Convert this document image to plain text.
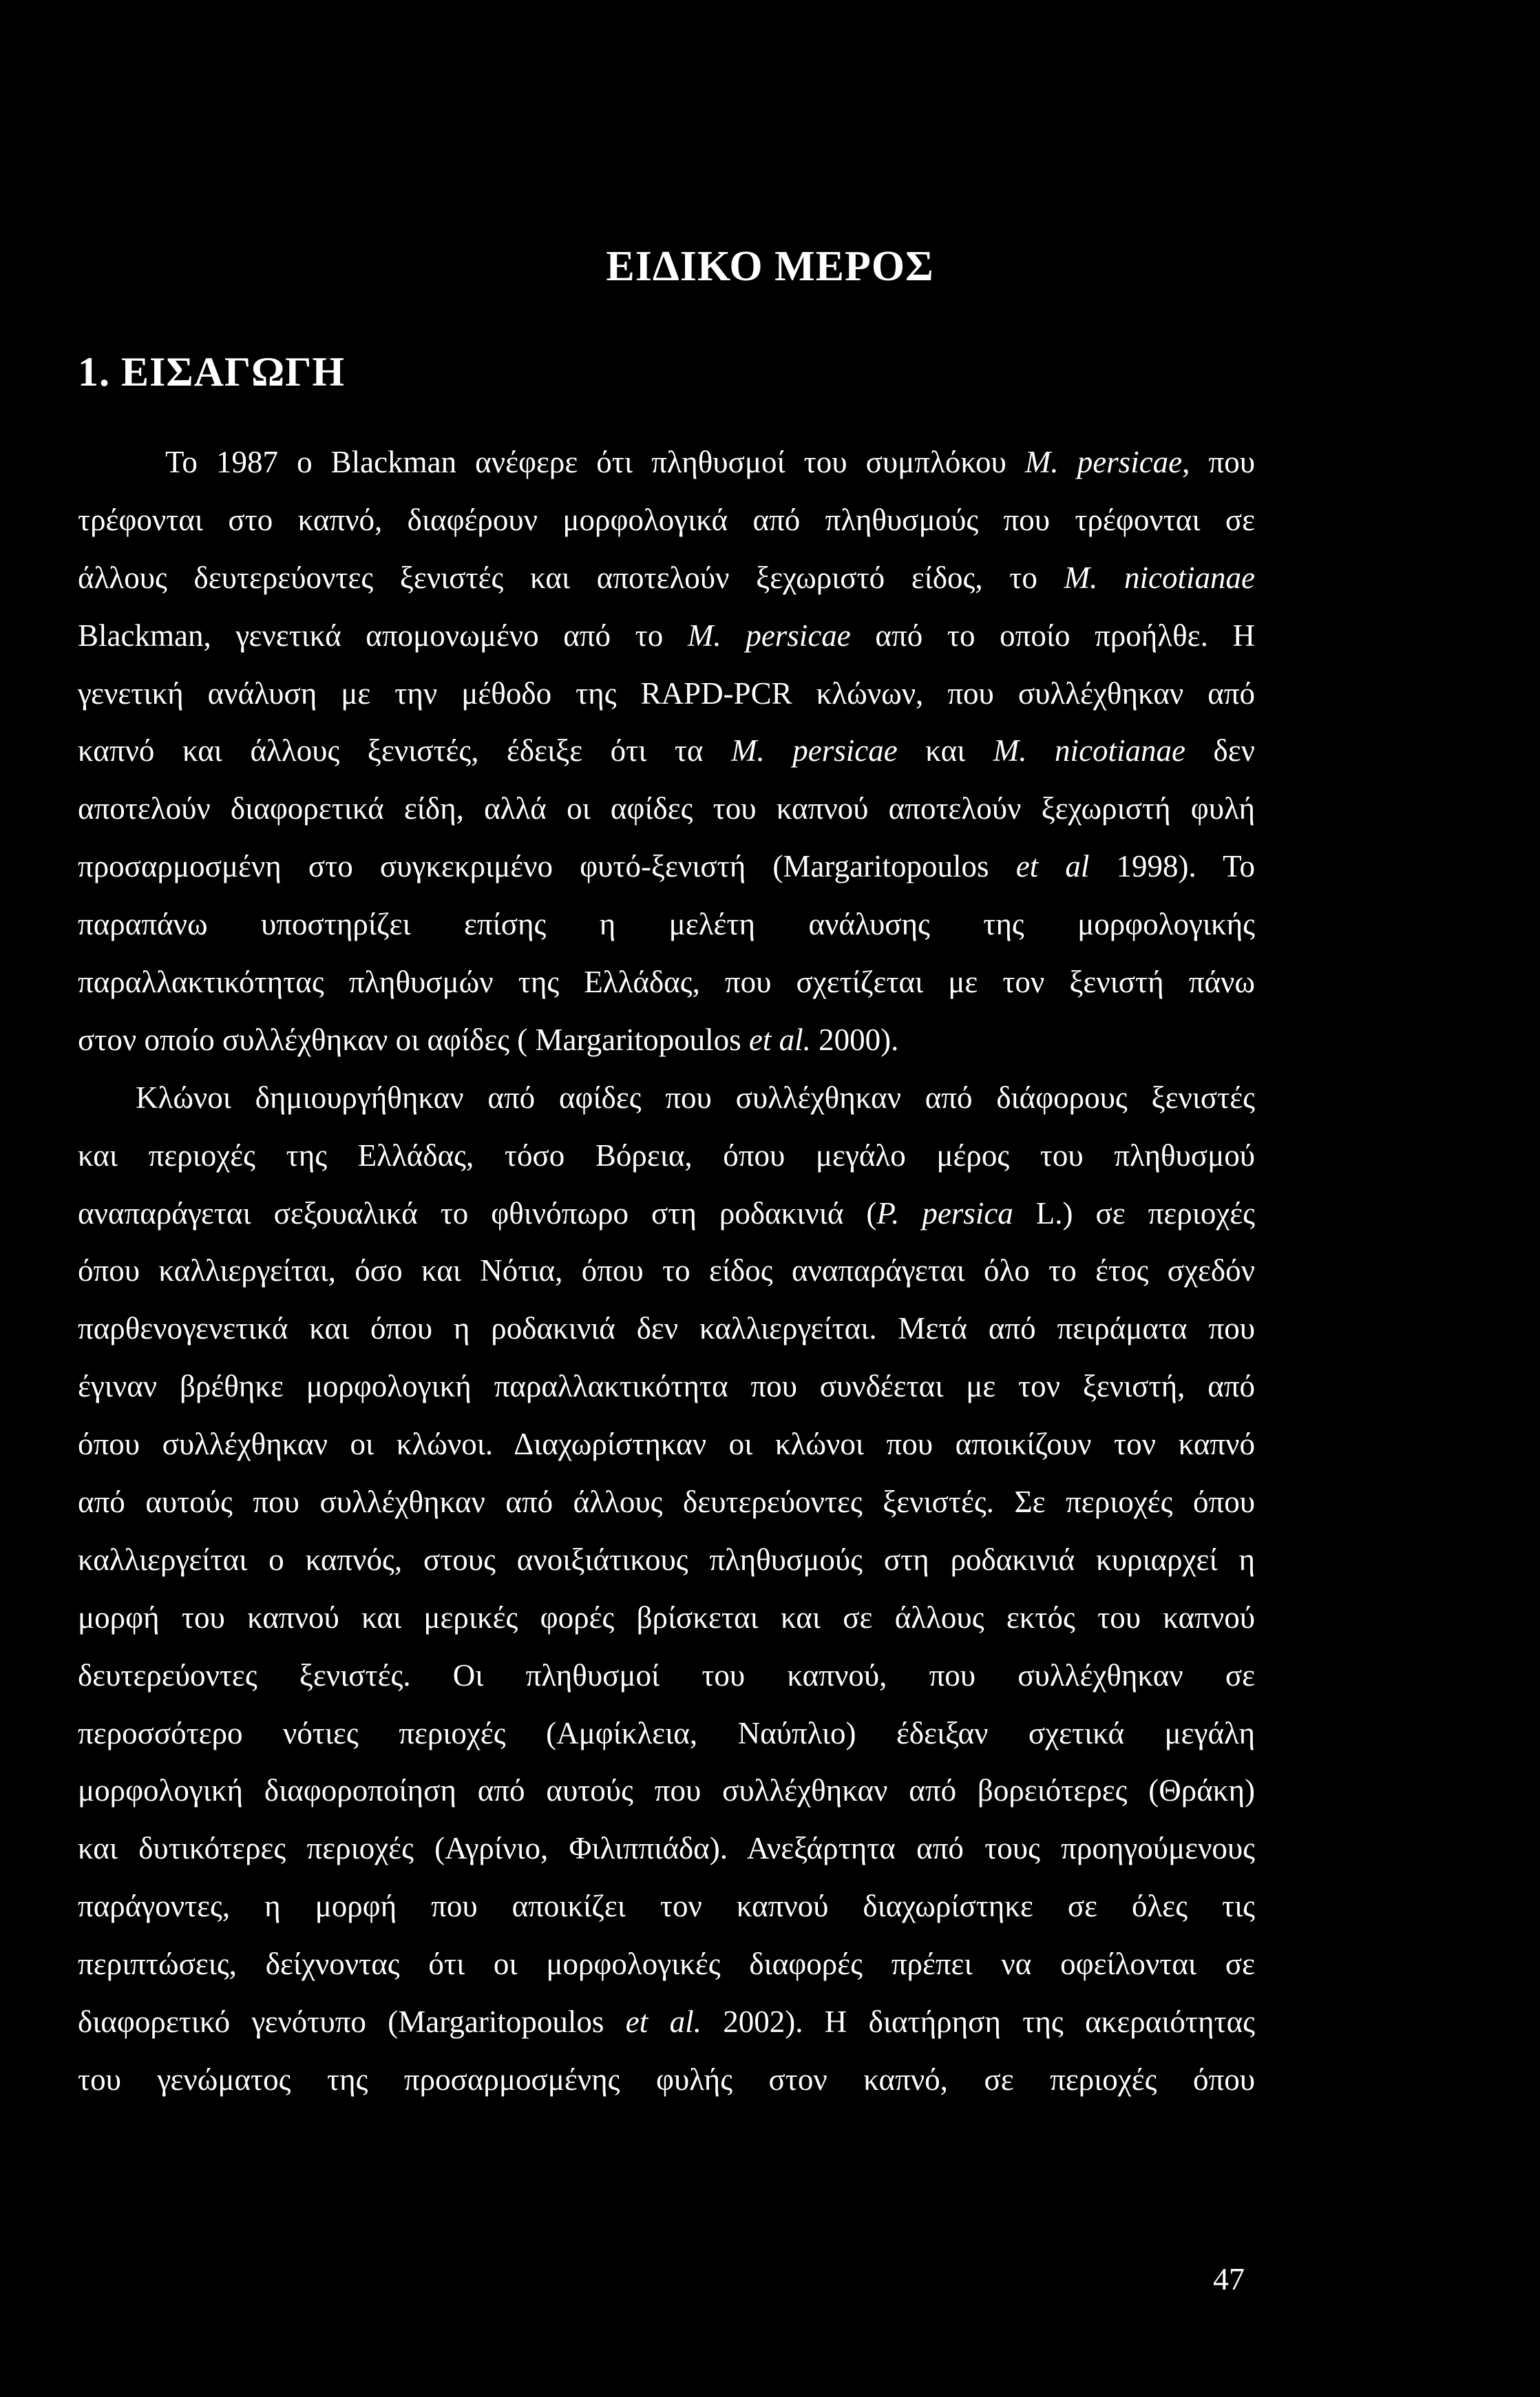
ΕΙΔΙΚΟ ΜΕΡΟΣ
1. ΕΙΣΑΓΩΓΗ
Το 1987 ο Blackman ανέφερε ότι πληθυσμοί του συμπλόκου M. persicae, που
τρέφονται στο καπνό, διαφέρουν μορφολογικά από πληθυσμούς που τρέφονται σε
άλλους δευτερεύοντες ξενιστές και αποτελούν ξεχωριστό είδος, το M. nicotianae
Blackman, γενετικά απομονωμένο από το M. persicae από το οποίο προήλθε. Η
γενετική ανάλυση με την μέθοδο της RAPD-PCR κλώνων, που συλλέχθηκαν από
καπνό και άλλους ξενιστές, έδειξε ότι τα M. persicae και M. nicotianae δεν
αποτελούν διαφορετικά είδη, αλλά οι αφίδες του καπνού αποτελούν ξεχωριστή φυλή
προσαρμοσμένη στο συγκεκριμένο φυτό-ξενιστή (Margaritopoulos et al 1998). Το
παραπάνω υποστηρίζει επίσης η μελέτη ανάλυσης της μορφολογικής
παραλλακτικότητας πληθυσμών της Ελλάδας, που σχετίζεται με τον ξενιστή πάνω
στον οποίο συλλέχθηκαν οι αφίδες ( Margaritopoulos et al. 2000).
Κλώνοι δημιουργήθηκαν από αφίδες που συλλέχθηκαν από διάφορους ξενιστές
και περιοχές της Ελλάδας, τόσο Βόρεια, όπου μεγάλο μέρος του πληθυσμού
αναπαράγεται σεξουαλικά το φθινόπωρο στη ροδακινιά (P. persica L.) σε περιοχές
όπου καλλιεργείται, όσο και Νότια, όπου το είδος αναπαράγεται όλο το έτος σχεδόν
παρθενογενετικά και όπου η ροδακινιά δεν καλλιεργείται. Μετά από πειράματα που
έγιναν βρέθηκε μορφολογική παραλλακτικότητα που συνδέεται με τον ξενιστή, από
όπου συλλέχθηκαν οι κλώνοι. Διαχωρίστηκαν οι κλώνοι που αποικίζουν τον καπνό
από αυτούς που συλλέχθηκαν από άλλους δευτερεύοντες ξενιστές. Σε περιοχές όπου
καλλιεργείται ο καπνός, στους ανοιξιάτικους πληθυσμούς στη ροδακινιά κυριαρχεί η
μορφή του καπνού και μερικές φορές βρίσκεται και σε άλλους εκτός του καπνού
δευτερεύοντες ξενιστές. Οι πληθυσμοί του καπνού, που συλλέχθηκαν σε
περοσσότερο νότιες περιοχές (Αμφίκλεια, Ναύπλιο) έδειξαν σχετικά μεγάλη
μορφολογική διαφοροποίηση από αυτούς που συλλέχθηκαν από βορειότερες (Θράκη)
και δυτικότερες περιοχές (Αγρίνιο, Φιλιππιάδα). Ανεξάρτητα από τους προηγούμενους
παράγοντες, η μορφή που αποικίζει τον καπνού διαχωρίστηκε σε όλες τις
περιπτώσεις, δείχνοντας ότι οι μορφολογικές διαφορές πρέπει να οφείλονται σε
διαφορετικό γενότυπο (Margaritopoulos et al. 2002). Η διατήρηση της ακεραιότητας
του γενώματος της προσαρμοσμένης φυλής στον καπνό, σε περιοχές όπου

47
